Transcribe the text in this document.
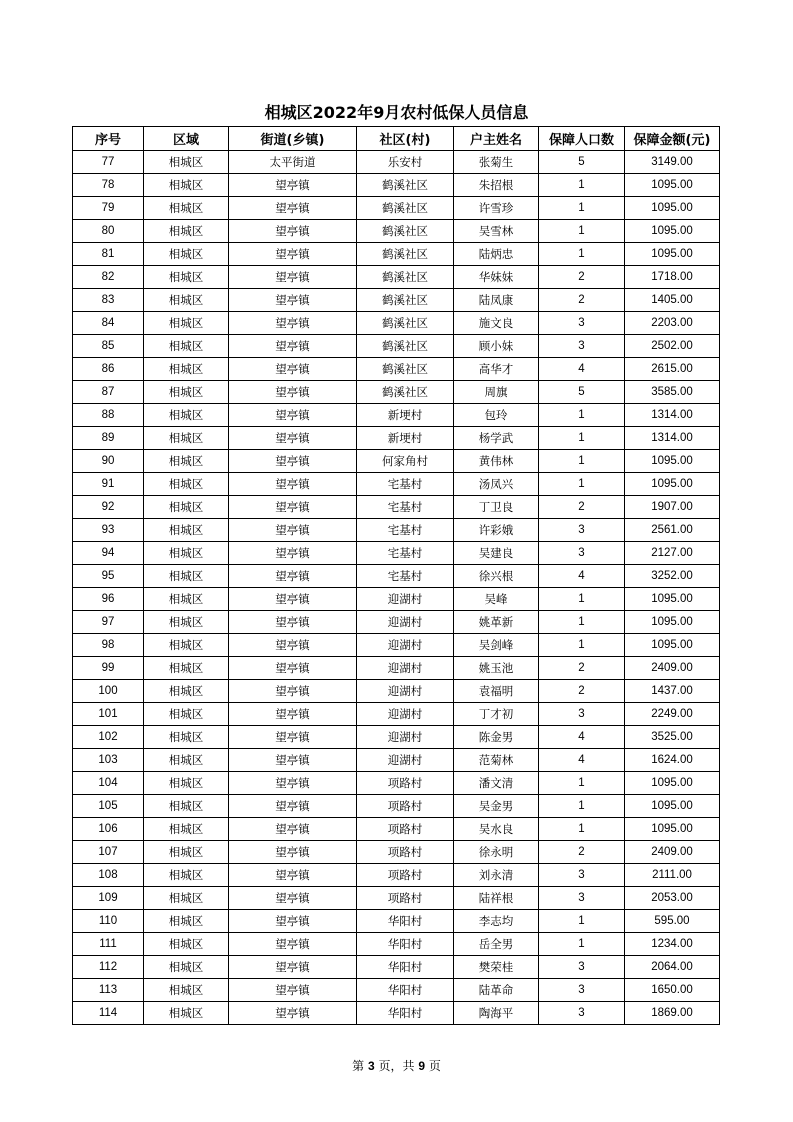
相城区2022年9月农村低保人员信息
序号	区域	街道(乡镇)	社区(村)	户主姓名	保障人口数	保障金额(元)
77	相城区	太平街道	乐安村	张菊生	5	3149.00
78	相城区	望亭镇	鹤溪社区	朱招根	1	1095.00
79	相城区	望亭镇	鹤溪社区	许雪珍	1	1095.00
80	相城区	望亭镇	鹤溪社区	吴雪林	1	1095.00
81	相城区	望亭镇	鹤溪社区	陆炳忠	1	1095.00
82	相城区	望亭镇	鹤溪社区	华妹妹	2	1718.00
83	相城区	望亭镇	鹤溪社区	陆凤康	2	1405.00
84	相城区	望亭镇	鹤溪社区	施文良	3	2203.00
85	相城区	望亭镇	鹤溪社区	顾小妹	3	2502.00
86	相城区	望亭镇	鹤溪社区	高华才	4	2615.00
87	相城区	望亭镇	鹤溪社区	周旗	5	3585.00
88	相城区	望亭镇	新埂村	包玲	1	1314.00
89	相城区	望亭镇	新埂村	杨学武	1	1314.00
90	相城区	望亭镇	何家角村	黄伟林	1	1095.00
91	相城区	望亭镇	宅基村	汤凤兴	1	1095.00
92	相城区	望亭镇	宅基村	丁卫良	2	1907.00
93	相城区	望亭镇	宅基村	许彩娥	3	2561.00
94	相城区	望亭镇	宅基村	吴建良	3	2127.00
95	相城区	望亭镇	宅基村	徐兴根	4	3252.00
96	相城区	望亭镇	迎湖村	吴峰	1	1095.00
97	相城区	望亭镇	迎湖村	姚革新	1	1095.00
98	相城区	望亭镇	迎湖村	吴剑峰	1	1095.00
99	相城区	望亭镇	迎湖村	姚玉池	2	2409.00
100	相城区	望亭镇	迎湖村	袁福明	2	1437.00
101	相城区	望亭镇	迎湖村	丁才初	3	2249.00
102	相城区	望亭镇	迎湖村	陈金男	4	3525.00
103	相城区	望亭镇	迎湖村	范菊林	4	1624.00
104	相城区	望亭镇	项路村	潘文清	1	1095.00
105	相城区	望亭镇	项路村	吴金男	1	1095.00
106	相城区	望亭镇	项路村	吴水良	1	1095.00
107	相城区	望亭镇	项路村	徐永明	2	2409.00
108	相城区	望亭镇	项路村	刘永清	3	2111.00
109	相城区	望亭镇	项路村	陆祥根	3	2053.00
110	相城区	望亭镇	华阳村	李志均	1	595.00
111	相城区	望亭镇	华阳村	岳全男	1	1234.00
112	相城区	望亭镇	华阳村	樊荣桂	3	2064.00
113	相城区	望亭镇	华阳村	陆革命	3	1650.00
114	相城区	望亭镇	华阳村	陶海平	3	1869.00
第 3 页，共 9 页
